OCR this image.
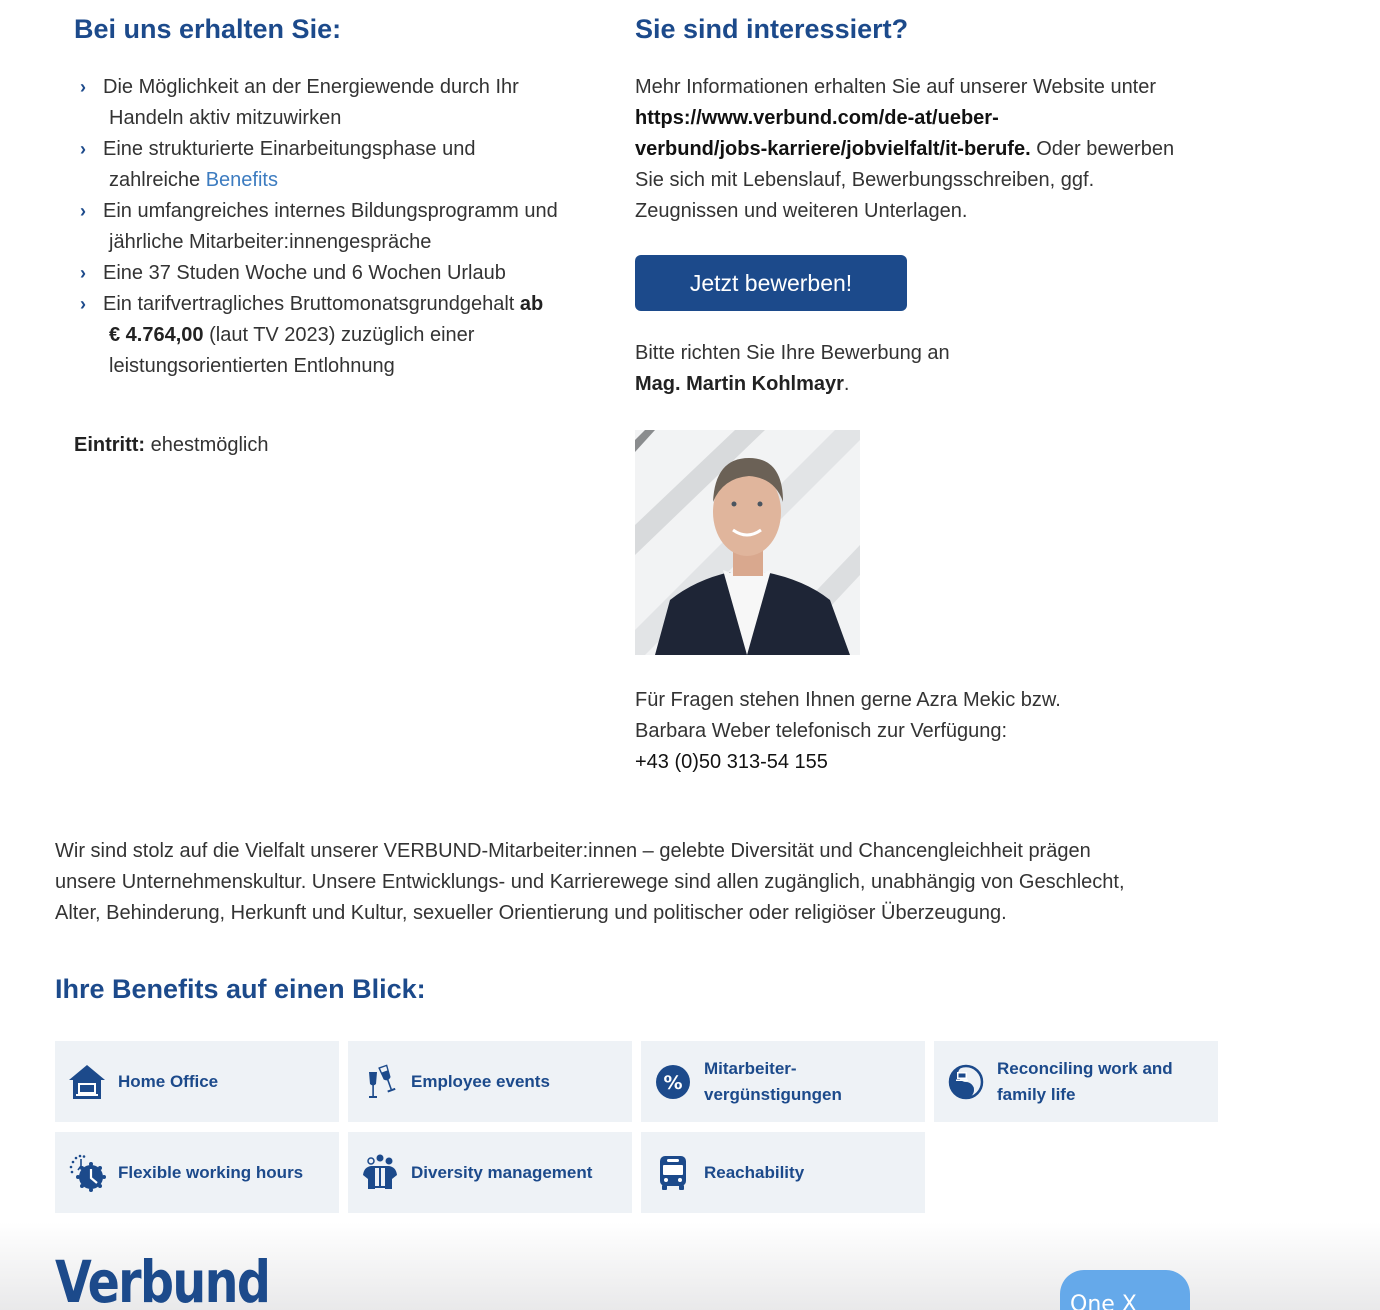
Bei uns erhalten Sie:
› Die Möglichkeit an der Energiewende durch Ihr
Handeln aktiv mitzuwirken
› Eine strukturierte Einarbeitungsphase und
zahlreiche Benefits
› Ein umfangreiches internes Bildungsprogramm und
jährliche Mitarbeiter:innengespräche
› Eine 37 Studen Woche und 6 Wochen Urlaub
› Ein tarifvertragliches Bruttomonatsgrundgehalt ab
€ 4.764,00 (laut TV 2023) zuzüglich einer
leistungsorientierten Entlohnung

Eintritt: ehestmöglich

Sie sind interessiert?

Mehr Informationen erhalten Sie auf unserer Website unter https://www.verbund.com/de-at/ueber-
verbund/jobs-karriere/jobvielfalt/it-berufe. Oder bewerben Sie sich mit Lebenslauf, Bewerbungsschreiben, ggf. Zeugnissen und weiteren Unterlagen.

Jetzt bewerben!

Bitte richten Sie Ihre Bewerbung an
Mag. Martin Kohlmayr.

Für Fragen stehen Ihnen gerne Azra Mekic bzw.
Barbara Weber telefonisch zur Verfügung:
+43 (0)50 313-54 155

Wir sind stolz auf die Vielfalt unserer VERBUND-Mitarbeiter:innen – gelebte Diversität und Chancengleichheit prägen
unsere Unternehmenskultur. Unsere Entwicklungs- und Karrierewege sind allen zugänglich, unabhängig von Geschlecht,
Alter, Behinderung, Herkunft und Kultur, sexueller Orientierung und politischer oder religiöser Überzeugung.

Ihre Benefits auf einen Blick:
Home Office	Employee events	%
Mitarbeiter-
vergünstigungen
Reconciling work and
family life
Flexible working hours	Diversity management	Reachability
Verbund	One X
